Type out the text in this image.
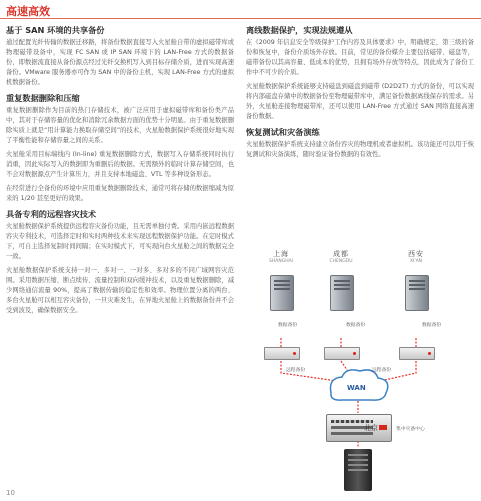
高速高效
基于 SAN 环境的共享备份

通过配置光纤传输的数据迁移路，将备份数据直接写入火星舱自带的虚拟磁带库或物理磁带设备中，实现 FC SAN 或 IP SAN 环境下的 LAN-Free 方式的数据备份，即数据流直接从备份源点经过光纤交换机写入到目标存储介质，进而实现高速备份。VMware 服务器亦可作为 SAN 中的备份主机，实现 LAN-Free 方式的虚拟机数据备份。

重复数据删除和压缩

重复数据删除作为目前的热门存储技术，被广泛应用于虚拟磁带库和备份类产品中，其对于存储容量的优化和消除冗余数据方面的优势十分明显。由于重复数据删除实质上就是“用计算能力换取存储空间”的技术，火星舱数据保护系统很好地实现了平衡性能和存储容量之间的关系。

火星舱采用目标端线内 (In-line) 重复数据删除方式，数据写入存储系统同时执行消重，因此实际写入的数据即为重删后的数据。无需额外的临时计算存储空间，也不会对数据源点产生计算压力，并且支持本地磁盘、VTL 等多种设备形态。

在经常进行全备份的环境中应用重复数据删除技术，通常可将存储的数据缩减为原来的 1/20 甚至更好的效果。

具备专利的远程容灾技术

火星舱数据保护系统提供远程容灾备份功能，且无需单独付费。采用内嵌远程数据容灾专利技术，可选择定时和实时两种技术来实现远程数据保护功能。在定时模式下，可自主选择复制时间间隔；在实时模式下，可实现向台火星舱之间的数据完全一致。

火星舱数据保护系统支持一对一、多对一、一对多、多对多的不同广域网容灾范围。采用数据压缩、断点续传、流量控制和双向缓冲技术，以及重复数据删除，减少网络通信流量 90%，提高了数据传输的稳定性和效率。物理位置分离的两台、多台火星舱可以相互容灾备份，一旦灾难发生，在异地火星舱上的数据备份并不会受到波及，确保数据安全。

离线数据保护，实现法规遵从

在《2009 年信息安全等级保护工作内容及具体要求》中，明确规定，第三级的备份和恢复中，备份介质场外存放。目前，常见的备份媒介主要包括磁带、磁盘等，磁带备份以其高容量、低成本的优势，且拥有场外存放等特点，因此成为了备份工作中不可少的介质。

火星舱数据保护系统能够支持磁盘到磁盘到磁带 (D2D2T) 方式的备份，可以实现将内部磁盘存储中的数据备份至物理磁带库中，满足备份数据离线保存的需求。另外，火星舱连接物理磁带库，还可以使用 LAN-Free 方式通过 SAN 网络直接高速备份数据。

恢复测试和灾备演练

火星舱数据保护系统支持建立备份容灾的物理机或者虚拟机。该功能还可以用于恢复测试和灾备演练，随时验证备份数据的有效性。

上海
SHANGHAI
成都
CHENGDU
西安
XI'AN
数据备份	数据备份	数据备份
远程备份	远程备份
WAN
北京	集中灾备中心
10
